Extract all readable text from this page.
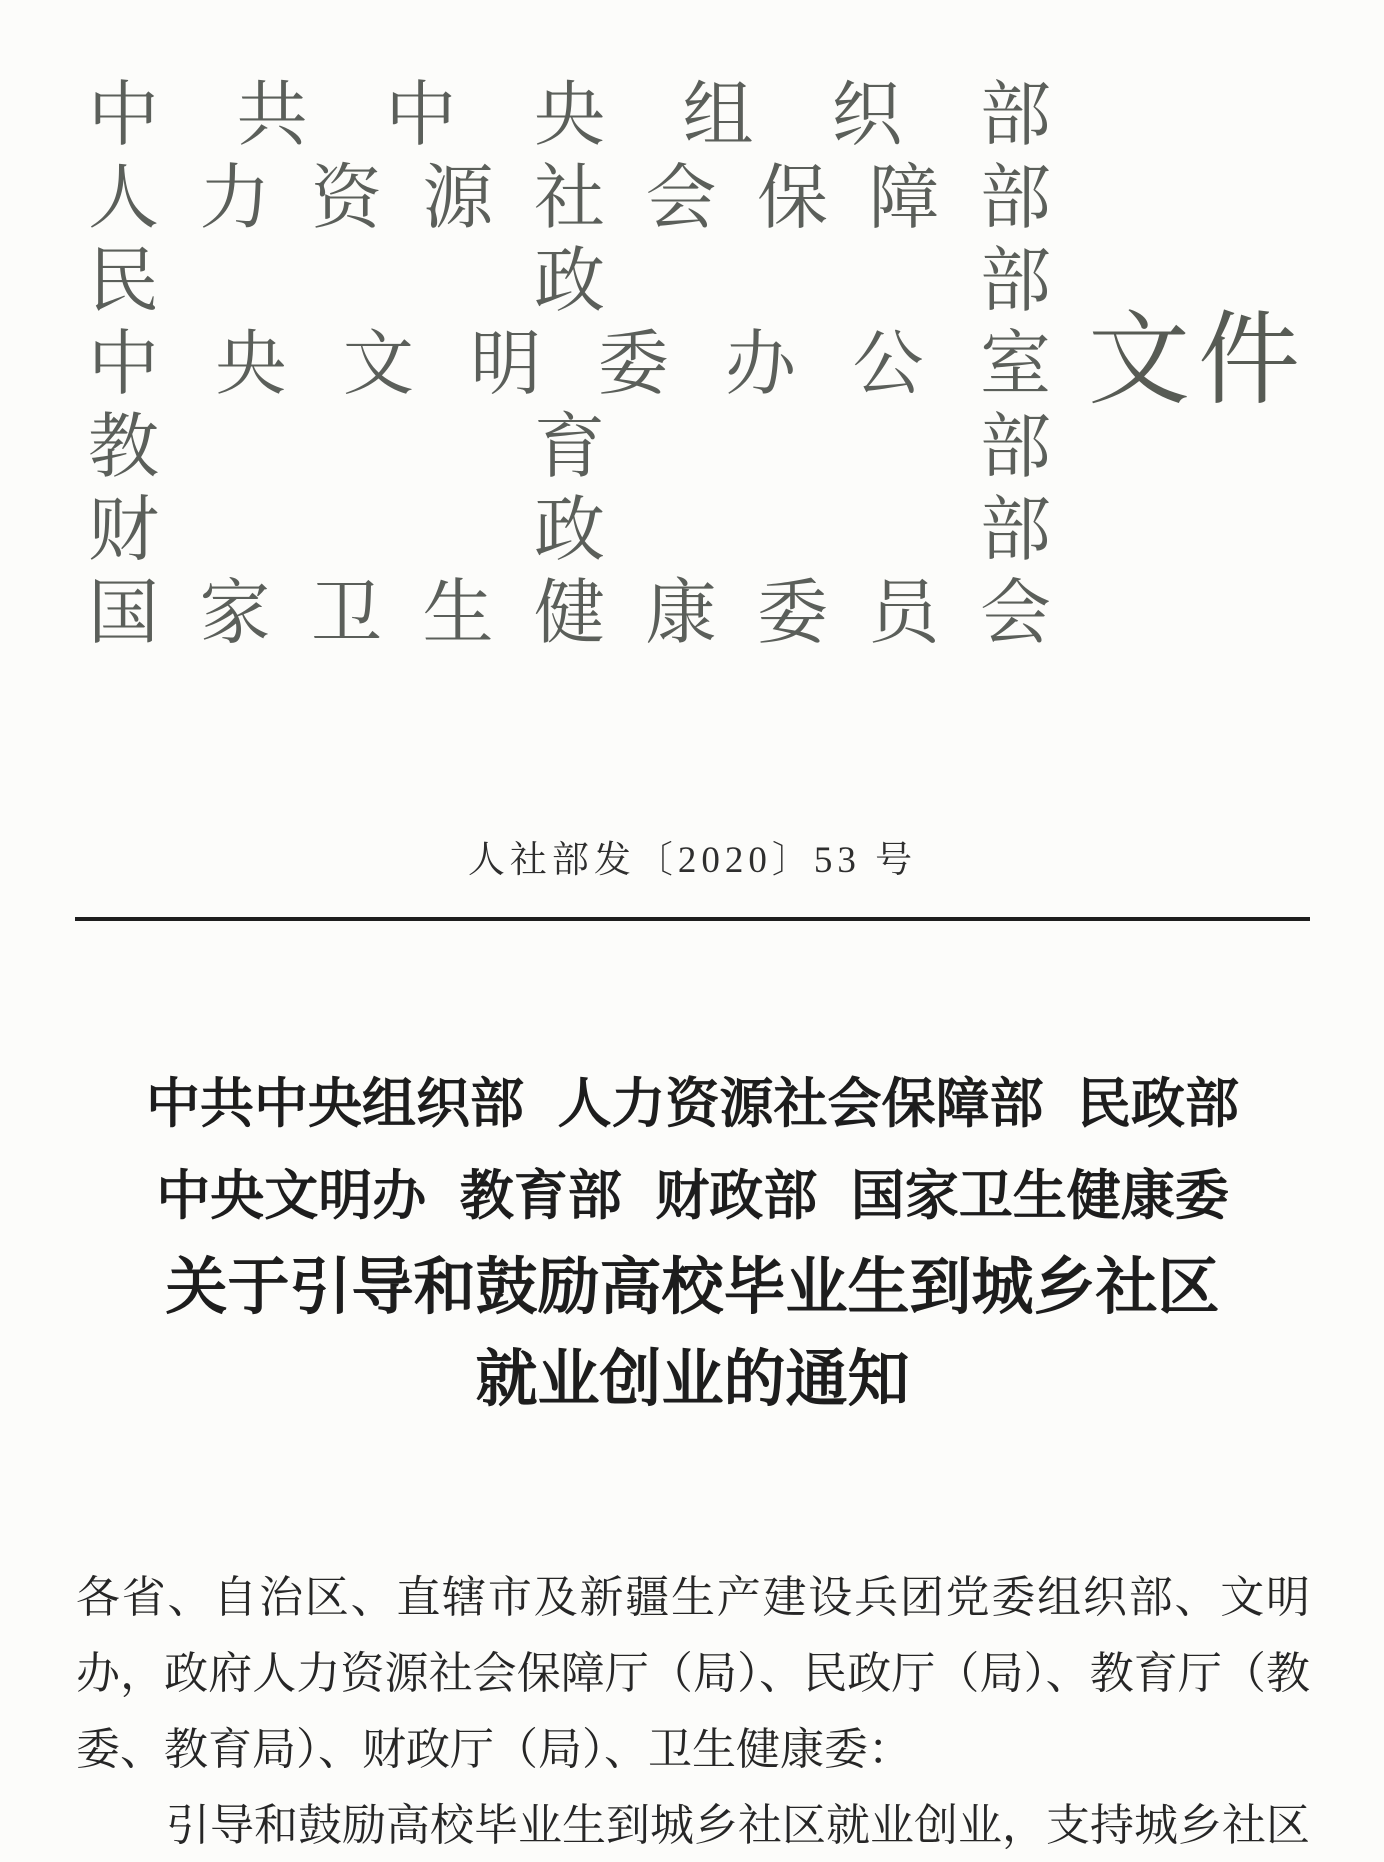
中共中央组织部
人力资源社会保障部
民政部
中央文明委办公室
教育部
财政部
国家卫生健康委员会
文件
人社部发〔2020〕53 号
中共中央组织部 人力资源社会保障部 民政部
中央文明办 教育部 财政部 国家卫生健康委
关于引导和鼓励高校毕业生到城乡社区
就业创业的通知
各省、自治区、直辖市及新疆生产建设兵团党委组织部、文明
办，政府人力资源社会保障厅（局）、民政厅（局）、教育厅（教
委、教育局）、财政厅（局）、卫生健康委：
引导和鼓励高校毕业生到城乡社区就业创业，支持城乡社区
